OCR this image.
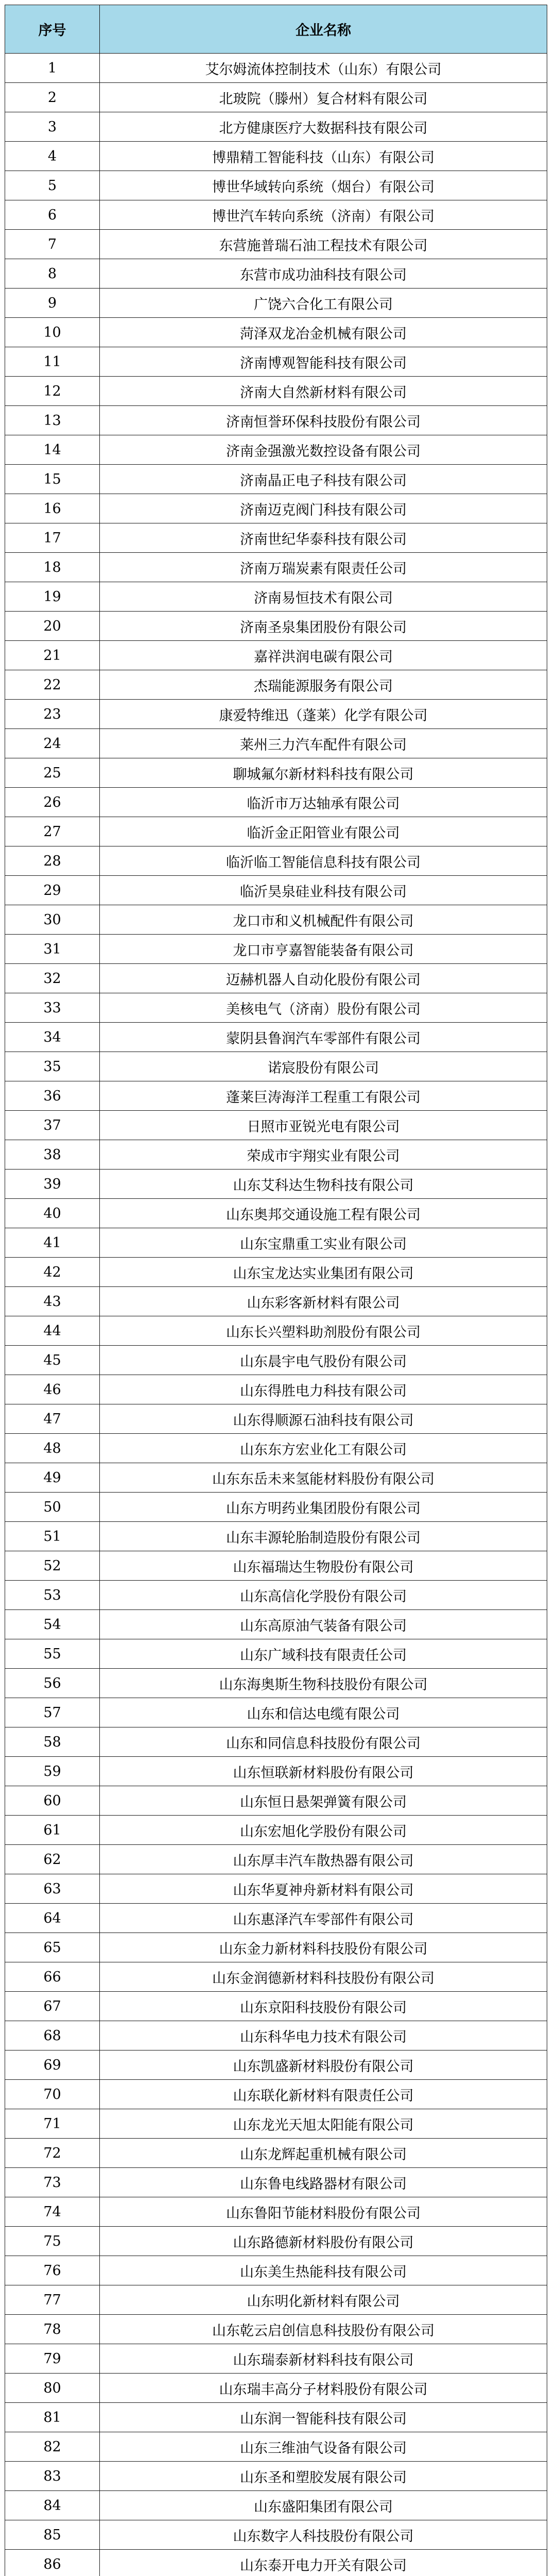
序号	企业名称
1	艾尔姆流体控制技术（山东）有限公司
2	北玻院（滕州）复合材料有限公司
3	北方健康医疗大数据科技有限公司
4	博鼎精工智能科技（山东）有限公司
5	博世华域转向系统（烟台）有限公司
6	博世汽车转向系统（济南）有限公司
7	东营施普瑞石油工程技术有限公司
8	东营市成功油科技有限公司
9	广饶六合化工有限公司
10	菏泽双龙冶金机械有限公司
11	济南博观智能科技有限公司
12	济南大自然新材料有限公司
13	济南恒誉环保科技股份有限公司
14	济南金强激光数控设备有限公司
15	济南晶正电子科技有限公司
16	济南迈克阀门科技有限公司
17	济南世纪华泰科技有限公司
18	济南万瑞炭素有限责任公司
19	济南易恒技术有限公司
20	济南圣泉集团股份有限公司
21	嘉祥洪润电碳有限公司
22	杰瑞能源服务有限公司
23	康爱特维迅（蓬莱）化学有限公司
24	莱州三力汽车配件有限公司
25	聊城氟尔新材料科技有限公司
26	临沂市万达轴承有限公司
27	临沂金正阳管业有限公司
28	临沂临工智能信息科技有限公司
29	临沂昊泉硅业科技有限公司
30	龙口市和义机械配件有限公司
31	龙口市亨嘉智能装备有限公司
32	迈赫机器人自动化股份有限公司
33	美核电气（济南）股份有限公司
34	蒙阴县鲁润汽车零部件有限公司
35	诺宸股份有限公司
36	蓬莱巨涛海洋工程重工有限公司
37	日照市亚锐光电有限公司
38	荣成市宇翔实业有限公司
39	山东艾科达生物科技有限公司
40	山东奥邦交通设施工程有限公司
41	山东宝鼎重工实业有限公司
42	山东宝龙达实业集团有限公司
43	山东彩客新材料有限公司
44	山东长兴塑料助剂股份有限公司
45	山东晨宇电气股份有限公司
46	山东得胜电力科技有限公司
47	山东得顺源石油科技有限公司
48	山东东方宏业化工有限公司
49	山东东岳未来氢能材料股份有限公司
50	山东方明药业集团股份有限公司
51	山东丰源轮胎制造股份有限公司
52	山东福瑞达生物股份有限公司
53	山东高信化学股份有限公司
54	山东高原油气装备有限公司
55	山东广域科技有限责任公司
56	山东海奥斯生物科技股份有限公司
57	山东和信达电缆有限公司
58	山东和同信息科技股份有限公司
59	山东恒联新材料股份有限公司
60	山东恒日悬架弹簧有限公司
61	山东宏旭化学股份有限公司
62	山东厚丰汽车散热器有限公司
63	山东华夏神舟新材料有限公司
64	山东惠泽汽车零部件有限公司
65	山东金力新材料科技股份有限公司
66	山东金润德新材料科技股份有限公司
67	山东京阳科技股份有限公司
68	山东科华电力技术有限公司
69	山东凯盛新材料股份有限公司
70	山东联化新材料有限责任公司
71	山东龙光天旭太阳能有限公司
72	山东龙辉起重机械有限公司
73	山东鲁电线路器材有限公司
74	山东鲁阳节能材料股份有限公司
75	山东路德新材料股份有限公司
76	山东美生热能科技有限公司
77	山东明化新材料有限公司
78	山东乾云启创信息科技股份有限公司
79	山东瑞泰新材料科技有限公司
80	山东瑞丰高分子材料股份有限公司
81	山东润一智能科技有限公司
82	山东三维油气设备有限公司
83	山东圣和塑胶发展有限公司
84	山东盛阳集团有限公司
85	山东数字人科技股份有限公司
86	山东泰开电力开关有限公司
